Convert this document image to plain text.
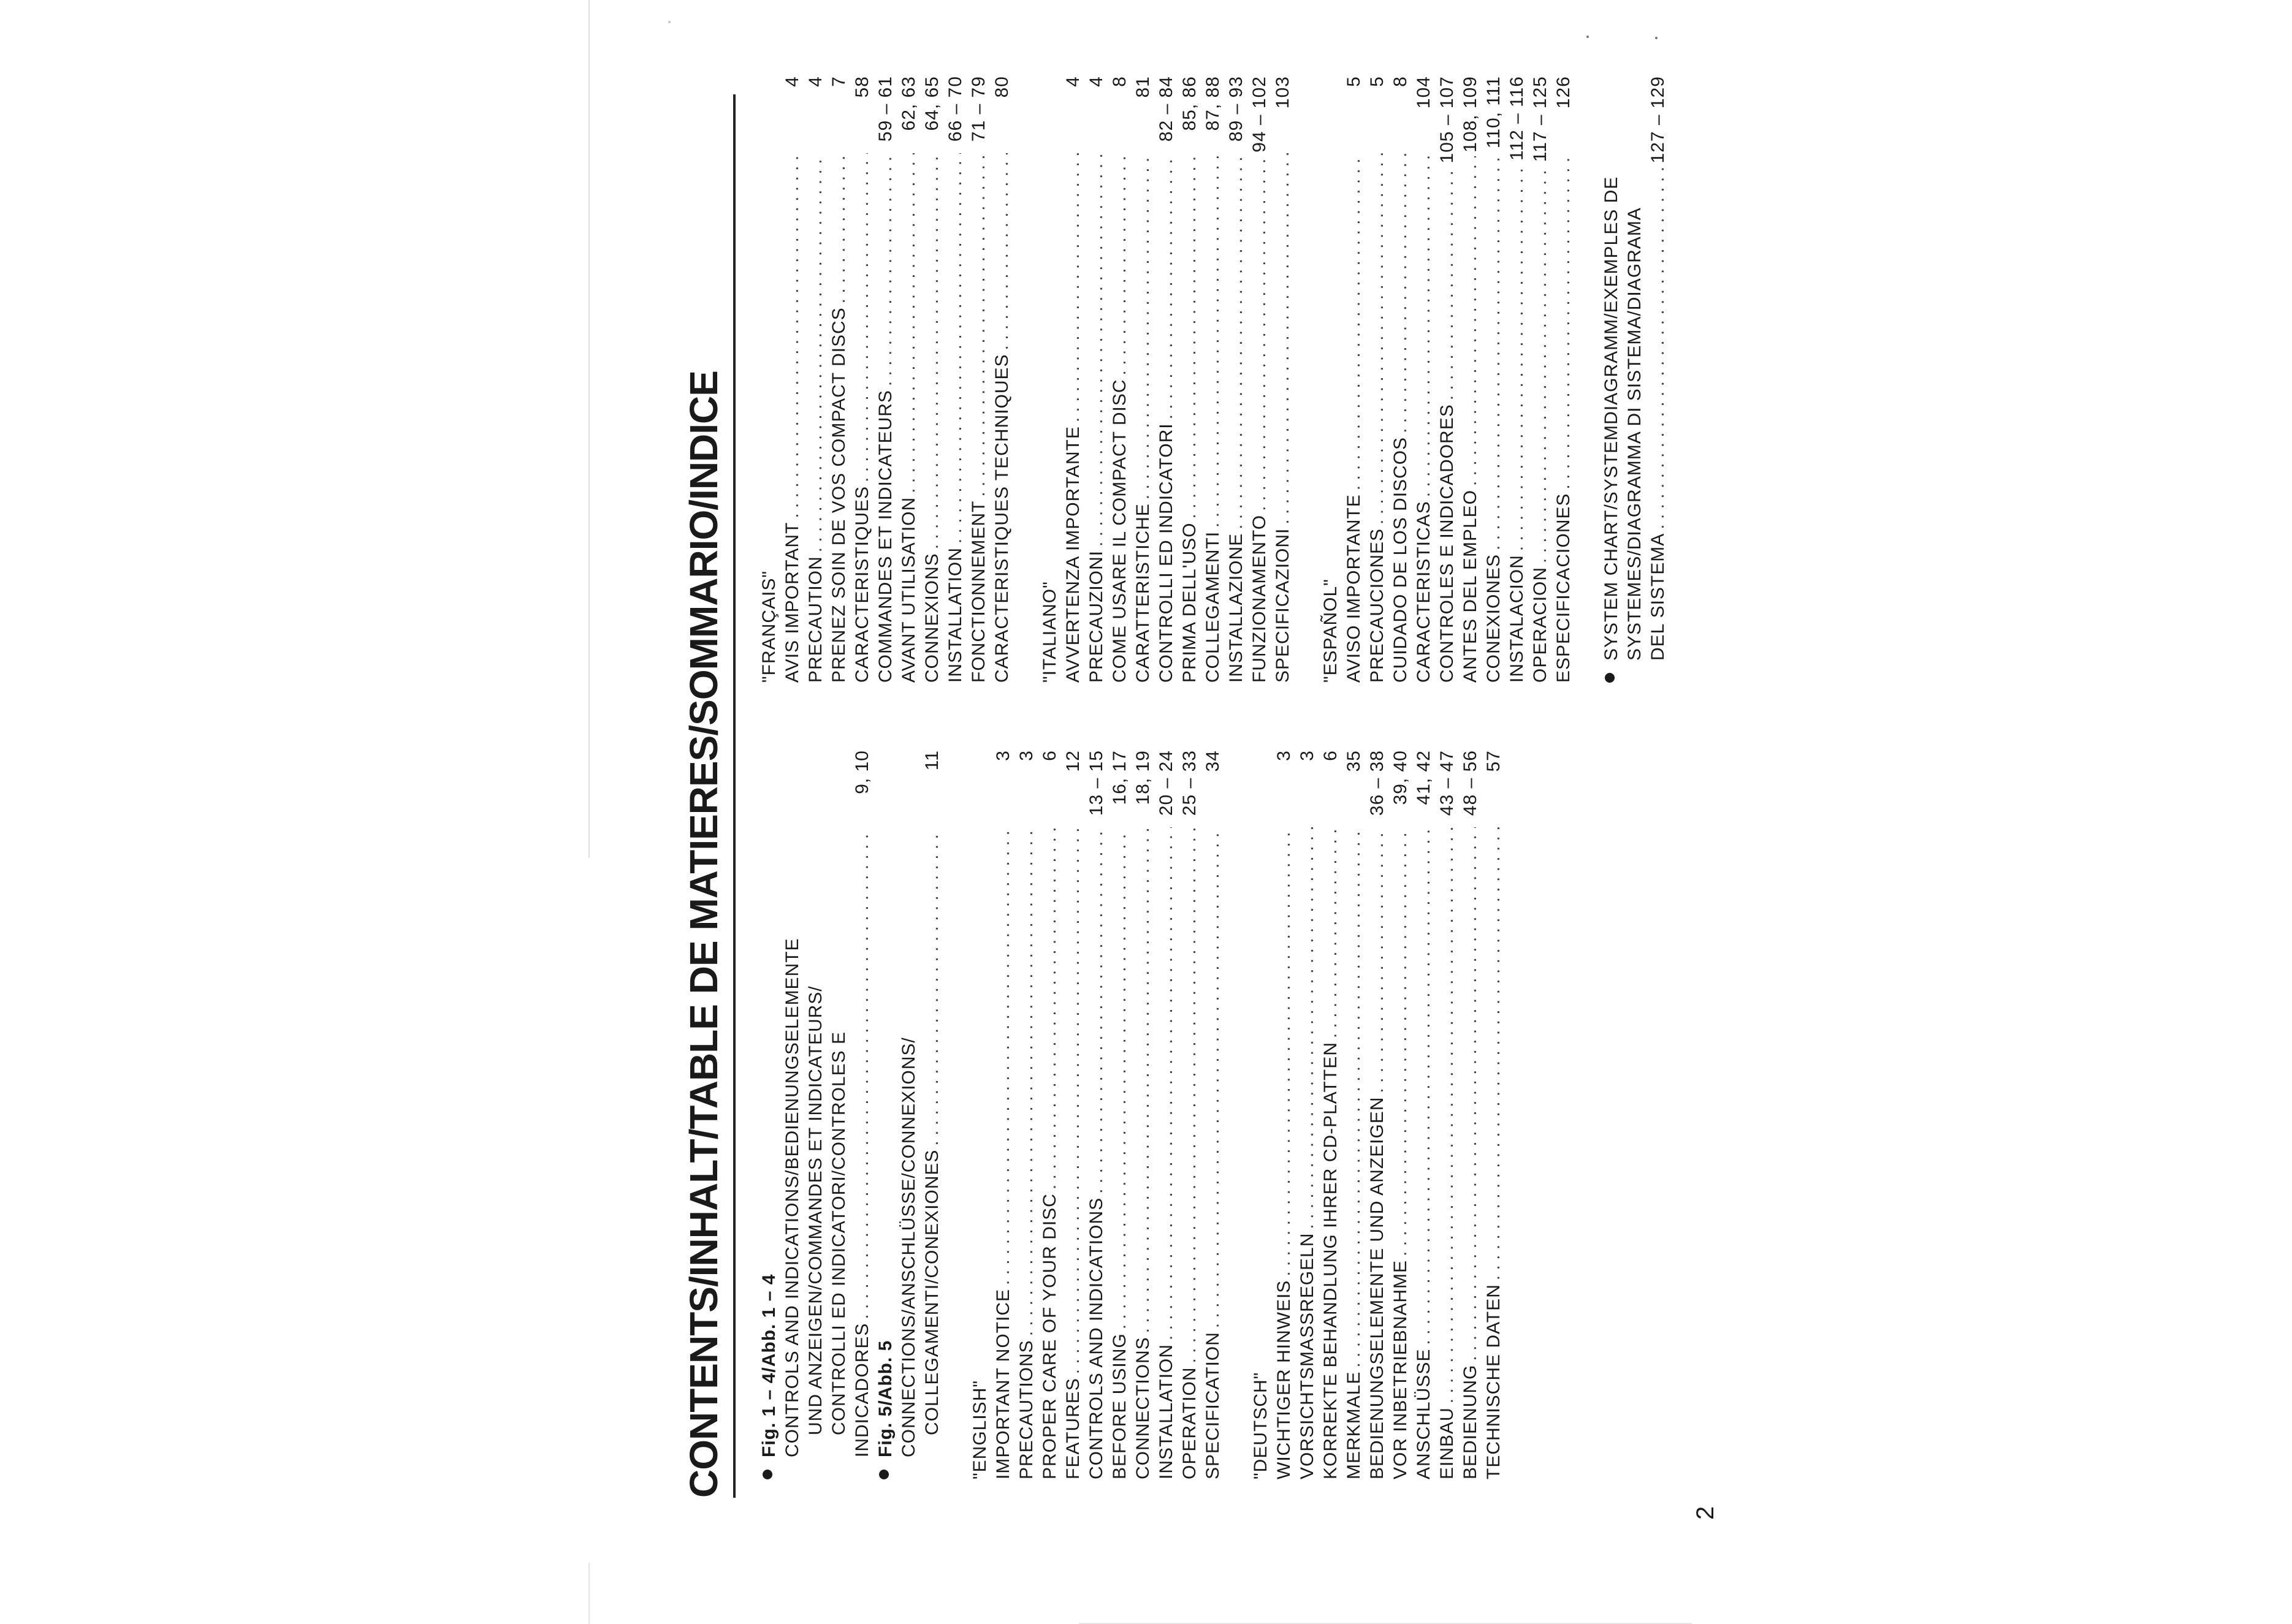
2
CONTENTS/INHALT/TABLE DE MATIERES/SOMMARIO/INDICE Fig. 1 – 4/Abb. 1 – 4 CONTROLS AND INDICATIONS/BEDIENUNGSELEMENTE UND ANZEIGEN/COMMANDES ET INDICATEURS/ CONTROLLI ED INDICATORI/CONTROLES E INDICADORES
. . .
9, 10
Fig. 5/Abb. 5 CONNECTIONS/ANSCHLÜSSE/CONNEXIONS/ COLLEGAMENTI/CONEXIONES
. . .
11
"ENGLISH" IMPORTANT NOTICE
. . .
3
PRECAUTIONS
. . .
3
PROPER CARE OF YOUR DISC
. . .
6
FEATURES
. . .
12
CONTROLS AND INDICATIONS
. . .
13 – 15
BEFORE USING
. . .
16, 17
CONNECTIONS
. . .
18, 19
INSTALLATION
. . .
20 – 24
OPERATION
. . .
25 – 33
SPECIFICATION
. . .
34
"DEUTSCH" WICHTIGER HINWEIS
. . .
3
VORSICHTSMASSREGELN
. . .
3
KORREKTE BEHANDLUNG IHRER CD-PLATTEN
. . .
6
MERKMALE
. . .
35
BEDIENUNGSELEMENTE UND ANZEIGEN
. . .
36 – 38
VOR INBETRIEBNAHME
. . .
39, 40
ANSCHLÜSSE
. . .
41, 42
EINBAU
. . .
43 – 47
BEDIENUNG
. . .
48 – 56
TECHNISCHE DATEN
. . .
57
"FRANÇAIS" AVIS IMPORTANT
. . .
4
PRECAUTION
. . .
4
PRENEZ SOIN DE VOS COMPACT DISCS
. . .
7
CARACTERISTIQUES
. . .
58
COMMANDES ET INDICATEURS
. . .
59 – 61
AVANT UTILISATION
. . .
62, 63
CONNEXIONS
. . .
64, 65
INSTALLATION
. . .
66 – 70
FONCTIONNEMENT
. . .
71 – 79
CARACTERISTIQUES TECHNIQUES
. . .
80
"ITALIANO" AVVERTENZA IMPORTANTE
. . .
4
PRECAUZIONI
. . .
4
COME USARE IL COMPACT DISC
. . .
8
CARATTERISTICHE
. . .
81
CONTROLLI ED INDICATORI
. . .
82 – 84
PRIMA DELL'USO
. . .
85, 86
COLLEGAMENTI
. . .
87, 88
INSTALLAZIONE
. . .
89 – 93
FUNZIONAMENTO
. . .
94 – 102
SPECIFICAZIONI
. . .
103
"ESPAÑOL" AVISO IMPORTANTE
. . .
5
PRECAUCIONES
. . .
5
CUIDADO DE LOS DISCOS
. . .
8
CARACTERISTICAS
. . .
104
CONTROLES E INDICADORES
. . .
105 – 107
ANTES DEL EMPLEO
. . .
108, 109
CONEXIONES
. . .
110, 111
INSTALACION
. . .
112 – 116
OPERACION
. . .
117 – 125
ESPECIFICACIONES
. . .
126
SYSTEM CHART/SYSTEMDIAGRAMM/EXEMPLES DE SYSTEMES/DIAGRAMMA DI SISTEMA/DIAGRAMA DEL SISTEMA
. . .
127 – 129
